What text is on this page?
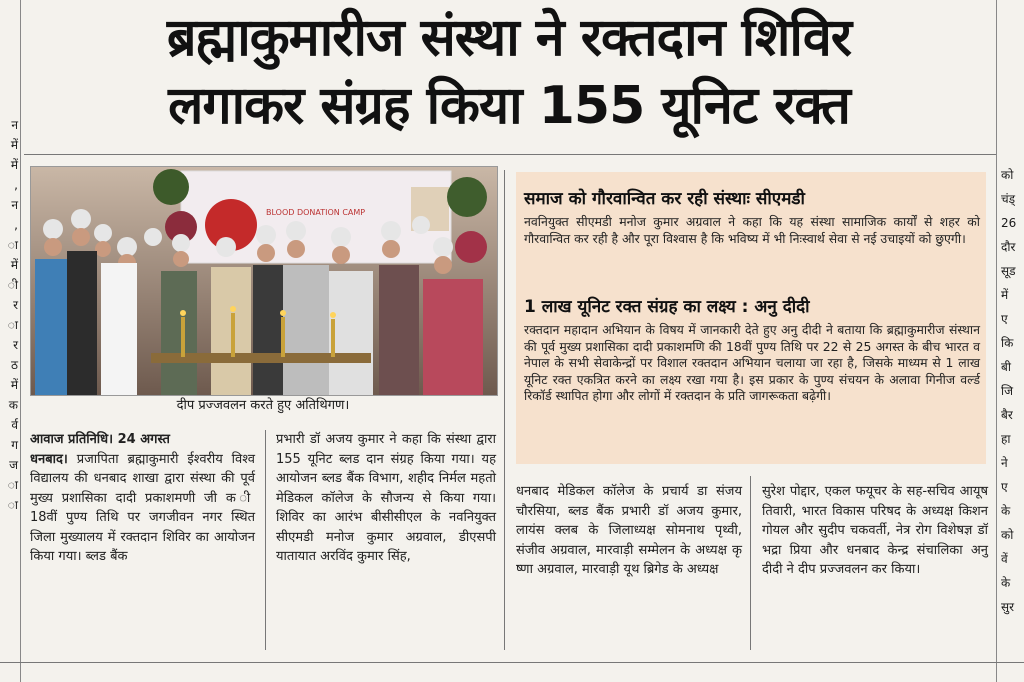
न
में
में
,
न
,
ा
में
ी
र
ा
र
ठ
में
क
र्व
ग
ज
ा
ा
को
चंड्
26
दौर
सूड
में
ए
कि
बी
जि
बैर
हा
ने
ए
के
को
वें
के
सुर
ब्रह्माकुमारीज संस्था ने रक्तदान शिविर
लगाकर संग्रह किया 155 यूनिट रक्त
BLOOD DONATION CAMP
दीप प्रज्जवलन करते हुए अतिथिगण।
समाज को गौरवान्वित कर रही संस्थाः सीएमडी
नवनियुक्त सीएमडी मनोज कुमार अग्रवाल ने कहा कि यह संस्था सामाजिक कार्यों से शहर को गौरवान्वित कर रही है और पूरा विश्वास है कि भविष्य में भी निःस्वार्थ सेवा से नई उचाइयों को छुएगी।
1 लाख यूनिट रक्त संग्रह का लक्ष्य : अनु दीदी
रक्तदान महादान अभियान के विषय में जानकारी देते हुए अनु दीदी ने बताया कि ब्रह्माकुमारीज संस्थान की पूर्व मुख्य प्रशासिका दादी प्रकाशमणि की 18वीं पुण्य तिथि पर 22 से 25 अगस्त के बीच भारत व नेपाल के सभी सेवाकेन्द्रों पर विशाल रक्तदान अभियान चलाया जा रहा है, जिसके माध्यम से 1 लाख यूनिट रक्त एकत्रित करने का लक्ष्य रखा गया है। इस प्रकार के पुण्य संचयन के अलावा गिनीज वर्ल्ड रिकॉर्ड स्थापित होगा और लोगों में रक्तदान के प्रति जागरूकता बढ़ेगी।
आवाज प्रतिनिधि। 24 अगस्त
धनबाद। प्रजापिता ब्रह्माकुमारी ईश्वरीय विश्व विद्यालय की धनबाद शाखा द्वारा संस्था की पूर्व मुख्य प्रशासिका दादी प्रकाशमणी जी क ी 18वीं पुण्य तिथि पर जगजीवन नगर स्थित जिला मुख्यालय में रक्तदान शिविर का आयोजन किया गया। ब्लड बैंक
प्रभारी डॉ अजय कुमार ने कहा कि संस्था द्वारा 155 यूनिट ब्लड दान संग्रह किया गया। यह आयोजन ब्लड बैंक विभाग, शहीद निर्मल महतो मेडिकल कॉलेज के सौजन्य से किया गया। शिविर का आरंभ बीसीसीएल के नवनियुक्त सीएमडी मनोज कुमार अग्रवाल, डीएसपी यातायात अरविंद कुमार सिंह,
धनबाद मेडिकल कॉलेज के प्रचार्य डा संजय चौरसिया, ब्लड बैंक प्रभारी डॉ अजय कुमार, लायंस क्लब के जिलाध्यक्ष सोमनाथ पृथ्वी, संजीव अग्रवाल, मारवाड़ी सम्मेलन के अध्यक्ष कृ ष्णा अग्रवाल, मारवाड़ी यूथ ब्रिगेड के अध्यक्ष
सुरेश पोद्दार, एकल फयूचर के सह-सचिव आयूष तिवारी, भारत विकास परिषद के अध्यक्ष किशन गोयल और सुदीप चकवर्ती, नेत्र रोग विशेषज्ञ डॉ भद्रा प्रिया और धनबाद केन्द्र संचालिका अनु दीदी ने दीप प्रज्जवलन कर किया।
